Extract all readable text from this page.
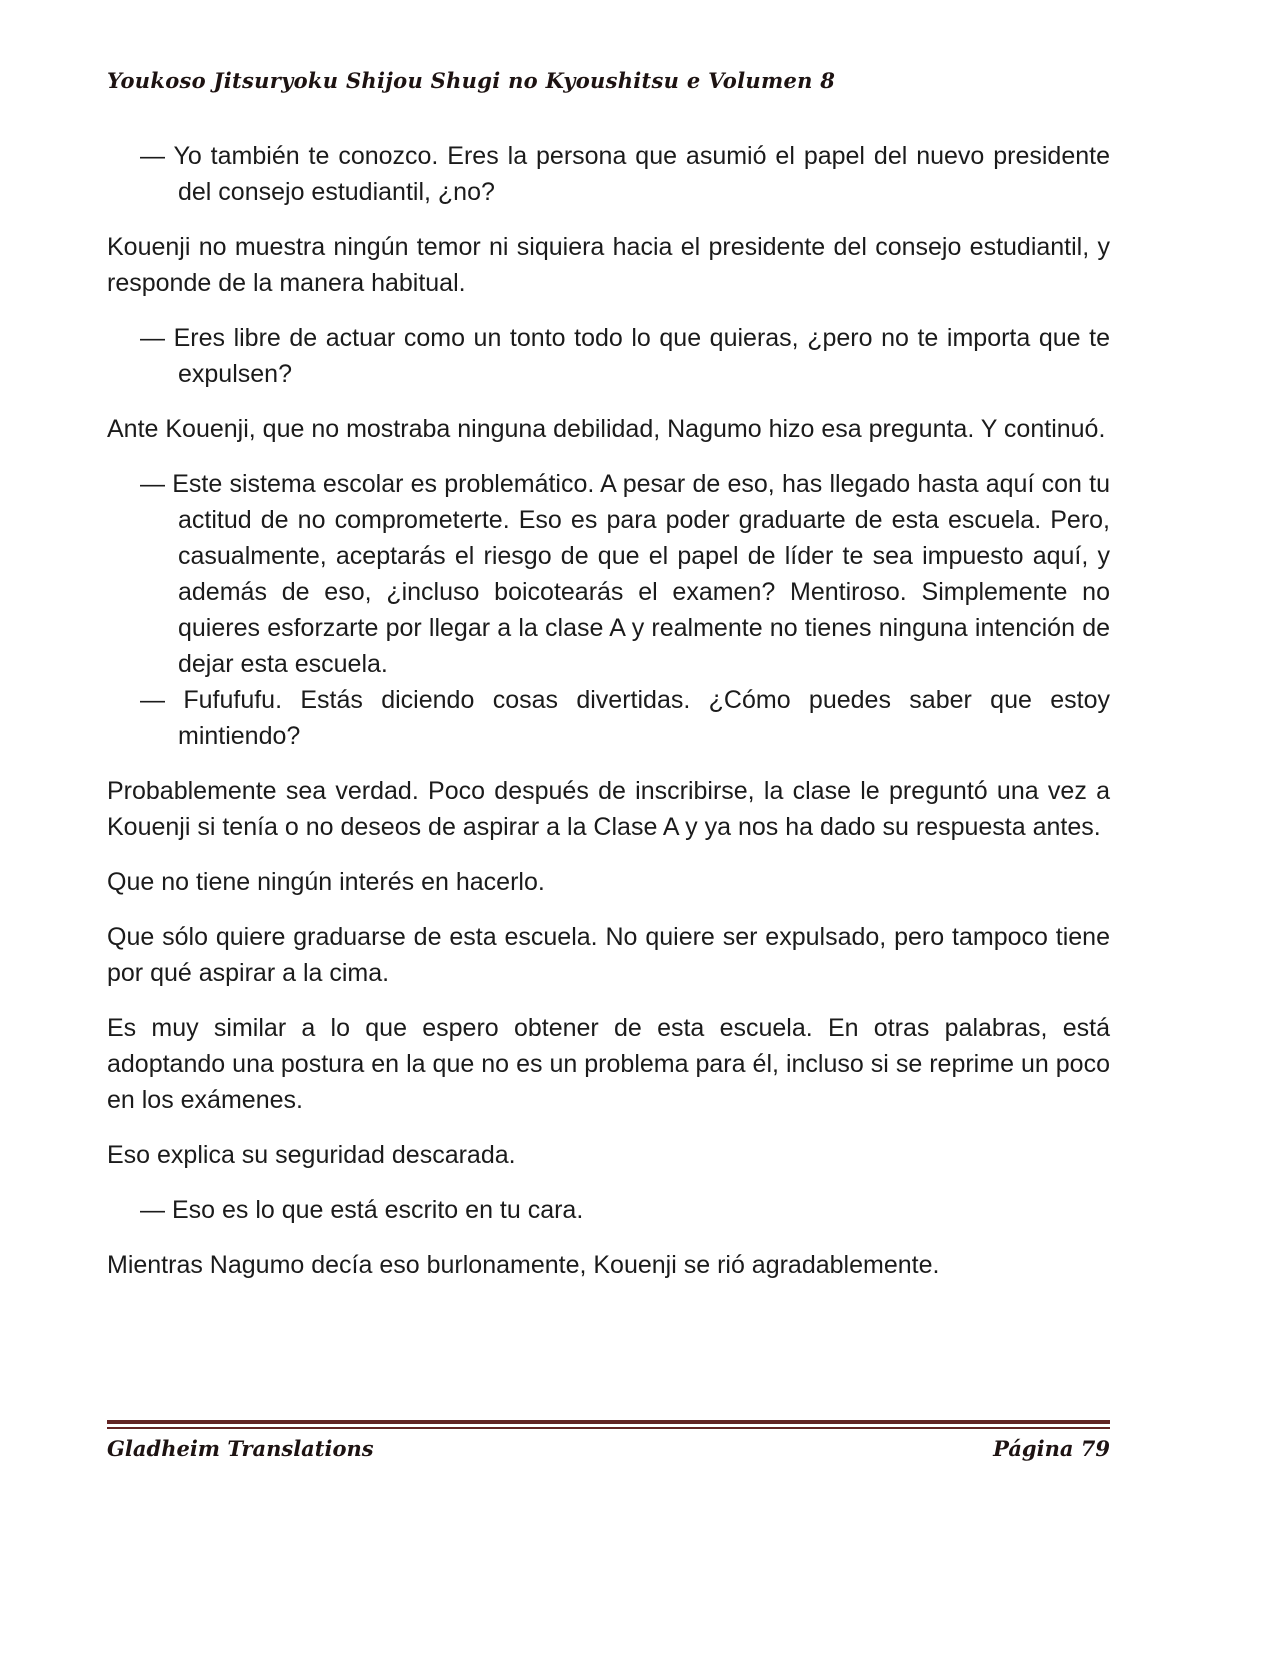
Youkoso Jitsuryoku Shijou Shugi no Kyoushitsu e Volumen 8

— Yo también te conozco. Eres la persona que asumió el papel del nuevo presidente del consejo estudiantil, ¿no?

Kouenji no muestra ningún temor ni siquiera hacia el presidente del consejo estudiantil, y responde de la manera habitual.

— Eres libre de actuar como un tonto todo lo que quieras, ¿pero no te importa que te expulsen?

Ante Kouenji, que no mostraba ninguna debilidad, Nagumo hizo esa pregunta. Y continuó.

— Este sistema escolar es problemático. A pesar de eso, has llegado hasta aquí con tu actitud de no comprometerte. Eso es para poder graduarte de esta escuela. Pero, casualmente, aceptarás el riesgo de que el papel de líder te sea impuesto aquí, y además de eso, ¿incluso boicotearás el examen? Mentiroso. Simplemente no quieres esforzarte por llegar a la clase A y realmente no tienes ninguna intención de dejar esta escuela.

— Fufufufu. Estás diciendo cosas divertidas. ¿Cómo puedes saber que estoy mintiendo?

Probablemente sea verdad. Poco después de inscribirse, la clase le preguntó una vez a Kouenji si tenía o no deseos de aspirar a la Clase A y ya nos ha dado su respuesta antes.

Que no tiene ningún interés en hacerlo.

Que sólo quiere graduarse de esta escuela. No quiere ser expulsado, pero tampoco tiene por qué aspirar a la cima.

Es muy similar a lo que espero obtener de esta escuela. En otras palabras, está adoptando una postura en la que no es un problema para él, incluso si se reprime un poco en los exámenes.

Eso explica su seguridad descarada.

— Eso es lo que está escrito en tu cara.

Mientras Nagumo decía eso burlonamente, Kouenji se rió agradablemente.

Gladheim Translations	Página 79
